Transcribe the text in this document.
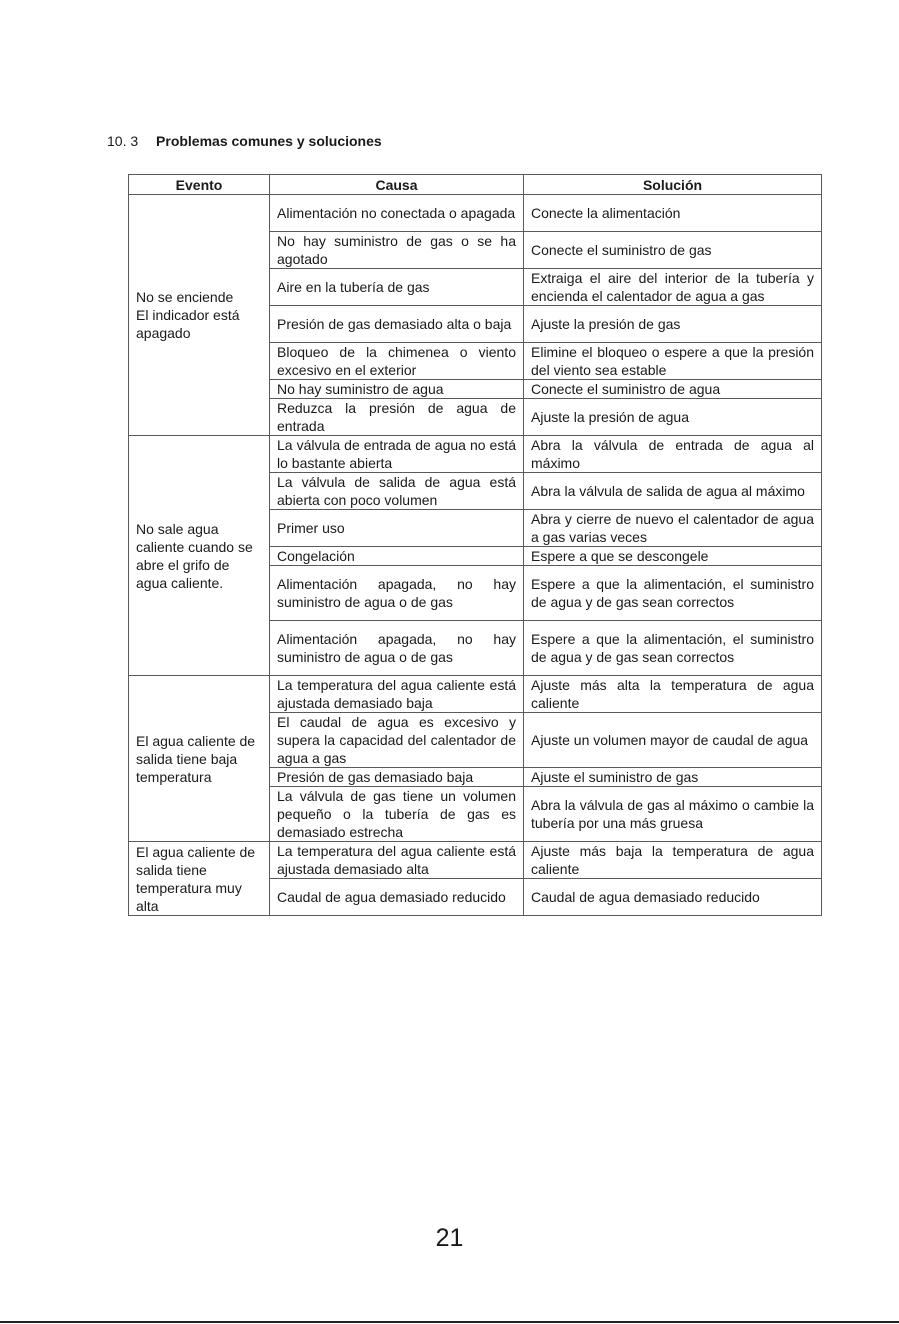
10. 3 Problemas comunes y soluciones
Evento	Causa	Solución
No se enciende
El indicador está apagado	Alimentación no conectada o apagada	Conecte la alimentación
	No hay suministro de gas o se ha agotado	Conecte el suministro de gas
	Aire en la tubería de gas	Extraiga el aire del interior de la tubería y encienda el calentador de agua a gas
	Presión de gas demasiado alta o baja	Ajuste la presión de gas
	Bloqueo de la chimenea o viento excesivo en el exterior	Elimine el bloqueo o espere a que la presión del viento sea estable
	No hay suministro de agua	Conecte el suministro de agua
	Reduzca la presión de agua de entrada	Ajuste la presión de agua
No sale agua caliente cuando se abre el grifo de agua caliente.	La válvula de entrada de agua no está lo bastante abierta	Abra la válvula de entrada de agua al máximo
	La válvula de salida de agua está abierta con poco volumen	Abra la válvula de salida de agua al máximo
	Primer uso	Abra y cierre de nuevo el calentador de agua a gas varias veces
	Congelación	Espere a que se descongele
	Alimentación apagada, no hay suministro de agua o de gas	Espere a que la alimentación, el suministro de agua y de gas sean correctos
	Alimentación apagada, no hay suministro de agua o de gas	Espere a que la alimentación, el suministro de agua y de gas sean correctos
El agua caliente de salida tiene baja temperatura	La temperatura del agua caliente está ajustada demasiado baja	Ajuste más alta la temperatura de agua caliente
	El caudal de agua es excesivo y supera la capacidad del calentador de agua a gas	Ajuste un volumen mayor de caudal de agua
	Presión de gas demasiado baja	Ajuste el suministro de gas
	La válvula de gas tiene un volumen pequeño o la tubería de gas es demasiado estrecha	Abra la válvula de gas al máximo o cambie la tubería por una más gruesa
El agua caliente de salida tiene temperatura muy alta	La temperatura del agua caliente está ajustada demasiado alta	Ajuste más baja la temperatura de agua caliente
	Caudal de agua demasiado reducido	Caudal de agua demasiado reducido
21
